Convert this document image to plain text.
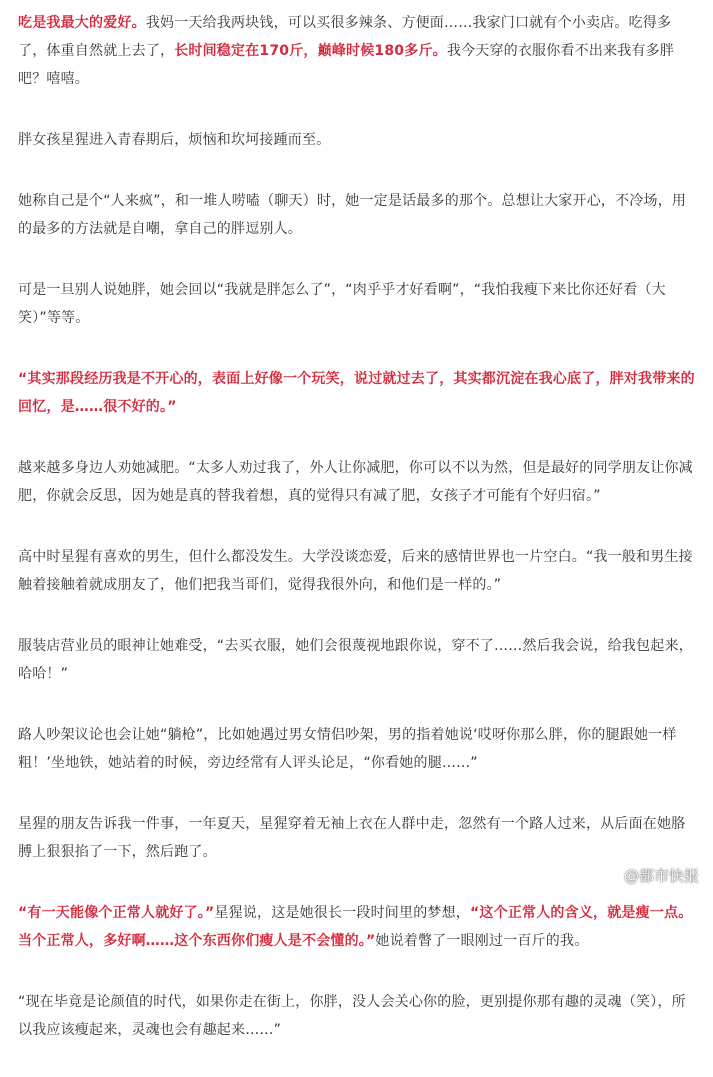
吃是我最大的爱好。我妈一天给我两块钱，可以买很多辣条、方便面……我家门口就有个小卖店。吃得多了，体重自然就上去了，长时间稳定在170斤，巅峰时候180多斤。我今天穿的衣服你看不出来我有多胖吧？嘻嘻。

胖女孩星猩进入青春期后，烦恼和坎坷接踵而至。

她称自己是个“人来疯”，和一堆人唠嗑（聊天）时，她一定是话最多的那个。总想让大家开心，不冷场，用的最多的方法就是自嘲，拿自己的胖逗别人。

可是一旦别人说她胖，她会回以“我就是胖怎么了”，“肉乎乎才好看啊”，“我怕我瘦下来比你还好看（大笑）”等等。

“其实那段经历我是不开心的，表面上好像一个玩笑，说过就过去了，其实都沉淀在我心底了，胖对我带来的回忆，是……很不好的。”

越来越多身边人劝她减肥。“太多人劝过我了，外人让你减肥，你可以不以为然，但是最好的同学朋友让你减肥，你就会反思，因为她是真的替我着想，真的觉得只有减了肥，女孩子才可能有个好归宿。”

高中时星猩有喜欢的男生，但什么都没发生。大学没谈恋爱，后来的感情世界也一片空白。“我一般和男生接触着接触着就成朋友了，他们把我当哥们，觉得我很外向，和他们是一样的。”

服装店营业员的眼神让她难受，“去买衣服，她们会很蔑视地跟你说，穿不了……然后我会说，给我包起来，哈哈！”

路人吵架议论也会让她“躺枪”，比如她遇过男女情侣吵架，男的指着她说‘哎呀你那么胖，你的腿跟她一样粗！’坐地铁，她站着的时候，旁边经常有人评头论足，“你看她的腿……”

星猩的朋友告诉我一件事，一年夏天，星猩穿着无袖上衣在人群中走，忽然有一个路人过来，从后面在她胳膊上狠狠掐了一下，然后跑了。

“有一天能像个正常人就好了。”星猩说，这是她很长一段时间里的梦想，“这个正常人的含义，就是瘦一点。当个正常人，多好啊……这个东西你们瘦人是不会懂的。”她说着瞥了一眼刚过一百斤的我。

“现在毕竟是论颜值的时代，如果你走在街上，你胖，没人会关心你的脸，更别提你那有趣的灵魂（笑），所以我应该瘦起来，灵魂也会有趣起来……”

@都市快报
